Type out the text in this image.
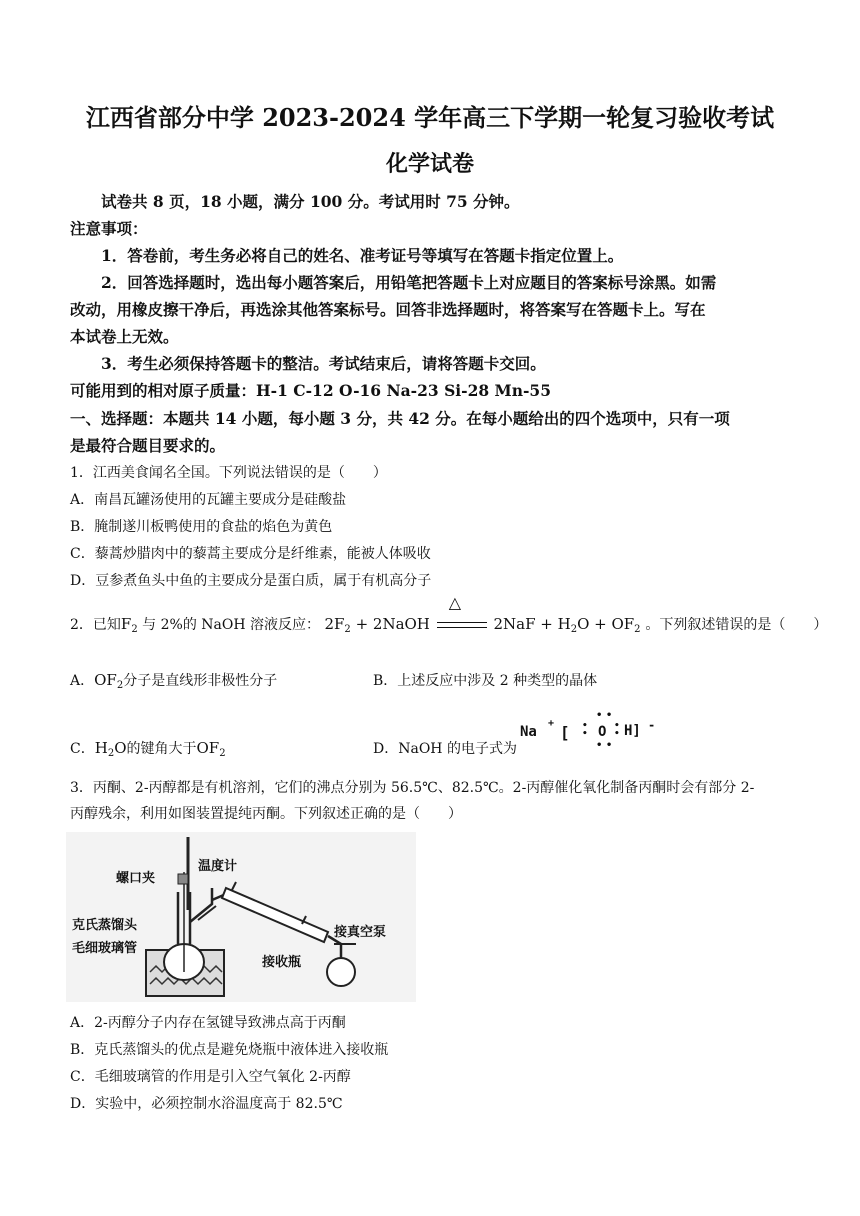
江西省部分中学 2023-2024 学年高三下学期一轮复习验收考试
化学试卷
试卷共 8 页，18 小题，满分 100 分。考试用时 75 分钟。
注意事项：
1．答卷前，考生务必将自己的姓名、准考证号等填写在答题卡指定位置上。
2．回答选择题时，选出每小题答案后，用铅笔把答题卡上对应题目的答案标号涂黑。如需
改动，用橡皮擦干净后，再选涂其他答案标号。回答非选择题时，将答案写在答题卡上。写在
本试卷上无效。
3．考生必须保持答题卡的整洁。考试结束后，请将答题卡交回。
可能用到的相对原子质量：H-1 C-12 O-16 Na-23 Si-28 Mn-55
一、选择题：本题共 14 小题，每小题 3 分，共 42 分。在每小题给出的四个选项中，只有一项
是最符合题目要求的。
1．江西美食闻名全国。下列说法错误的是（　　）
A．南昌瓦罐汤使用的瓦罐主要成分是硅酸盐
B．腌制遂川板鸭使用的食盐的焰色为黄色
C．藜蒿炒腊肉中的藜蒿主要成分是纤维素，能被人体吸收
D．豆参煮鱼头中鱼的主要成分是蛋白质，属于有机高分子
2．已知$F_2$ 与 2%的 NaOH 溶液反应： $2F_2$ + 2NaOH
△
$2NaF + H_2O + OF_2$ 。下列叙述错误的是（　　）
A．$OF_2$分子是直线形非极性分子	B．上述反应中涉及 2 种类型的晶体
C．$H_2O$的键角大于$OF_2$	D．NaOH 的电子式为
Na
+ [ O H] -
• •
• •
•
•
•
•
3．丙酮、2-丙醇都是有机溶剂，它们的沸点分别为 56.5℃、82.5℃。2-丙醇催化氧化制备丙酮时会有部分 2-
丙醇残余，利用如图装置提纯丙酮。下列叙述正确的是（　　）
螺口夹
温度计
克氏蒸馏头
毛细玻璃管
接真空泵
接收瓶
A．2-丙醇分子内存在氢键导致沸点高于丙酮
B．克氏蒸馏头的优点是避免烧瓶中液体进入接收瓶
C．毛细玻璃管的作用是引入空气氧化 2-丙醇
D．实验中，必须控制水浴温度高于 82.5℃
